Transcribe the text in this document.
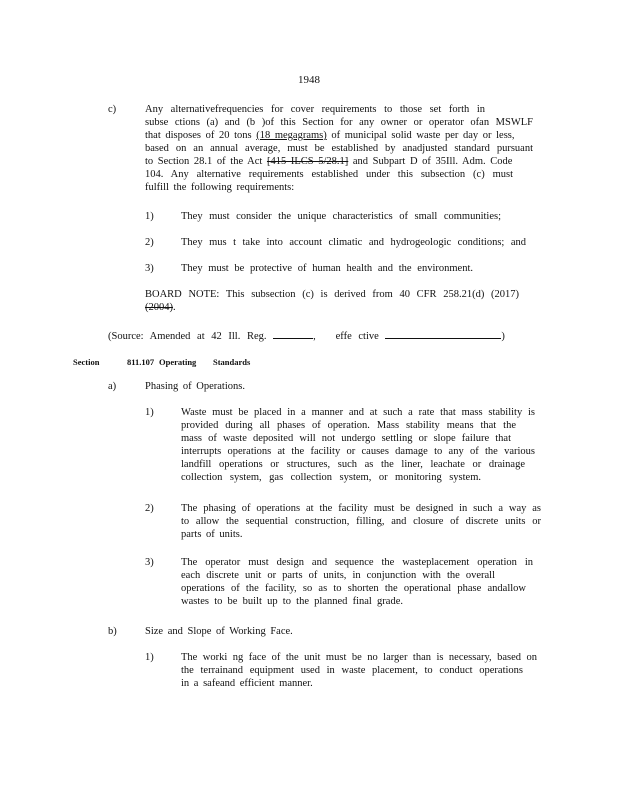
1948
c)	Any alternativefrequencies for cover requirements to those set forth in
subse ctions (a) and (b )of this Section for any owner or operator ofan MSWLF
that disposes of 20 tons (18 megagrams) of municipal solid waste per day or less,
based on an annual average, must be established by anadjusted standard pursuant
to Section 28.1 of the Act [415 ILCS 5/28.1] and Subpart D of 35Ill. Adm. Code
104. Any alternative requirements established under this subsection (c) must
fulfill the following requirements:
1)	They must consider the unique characteristics of small communities;
2)	They mus t take into account climatic and hydrogeologic conditions; and
3)	They must be protective of human health and the environment.
BOARD NOTE: This subsection (c) is derived from 40 CFR 258.21(d) (2017)
(2004).
(Source: Amended at 42 Ill. Reg.	, effe ctive	)
Section	811.107 Operating Standards
a)	Phasing of Operations.
1)	Waste must be placed in a manner and at such a rate that mass stability is
provided during all phases of operation. Mass stability means that the
mass of waste deposited will not undergo settling or slope failure that
interrupts operations at the facility or causes damage to any of the various
landfill operations or structures, such as the liner, leachate or drainage
collection system, gas collection system, or monitoring system.
2)	The phasing of operations at the facility must be designed in such a way as
to allow the sequential construction, filling, and closure of discrete units or
parts of units.
3)	The operator must design and sequence the wasteplacement operation in
each discrete unit or parts of units, in conjunction with the overall
operations of the facility, so as to shorten the operational phase andallow
wastes to be built up to the planned final grade.
b)	Size and Slope of Working Face.
1)	The worki ng face of the unit must be no larger than is necessary, based on
the terrainand equipment used in waste placement, to conduct operations
in a safeand efficient manner.
